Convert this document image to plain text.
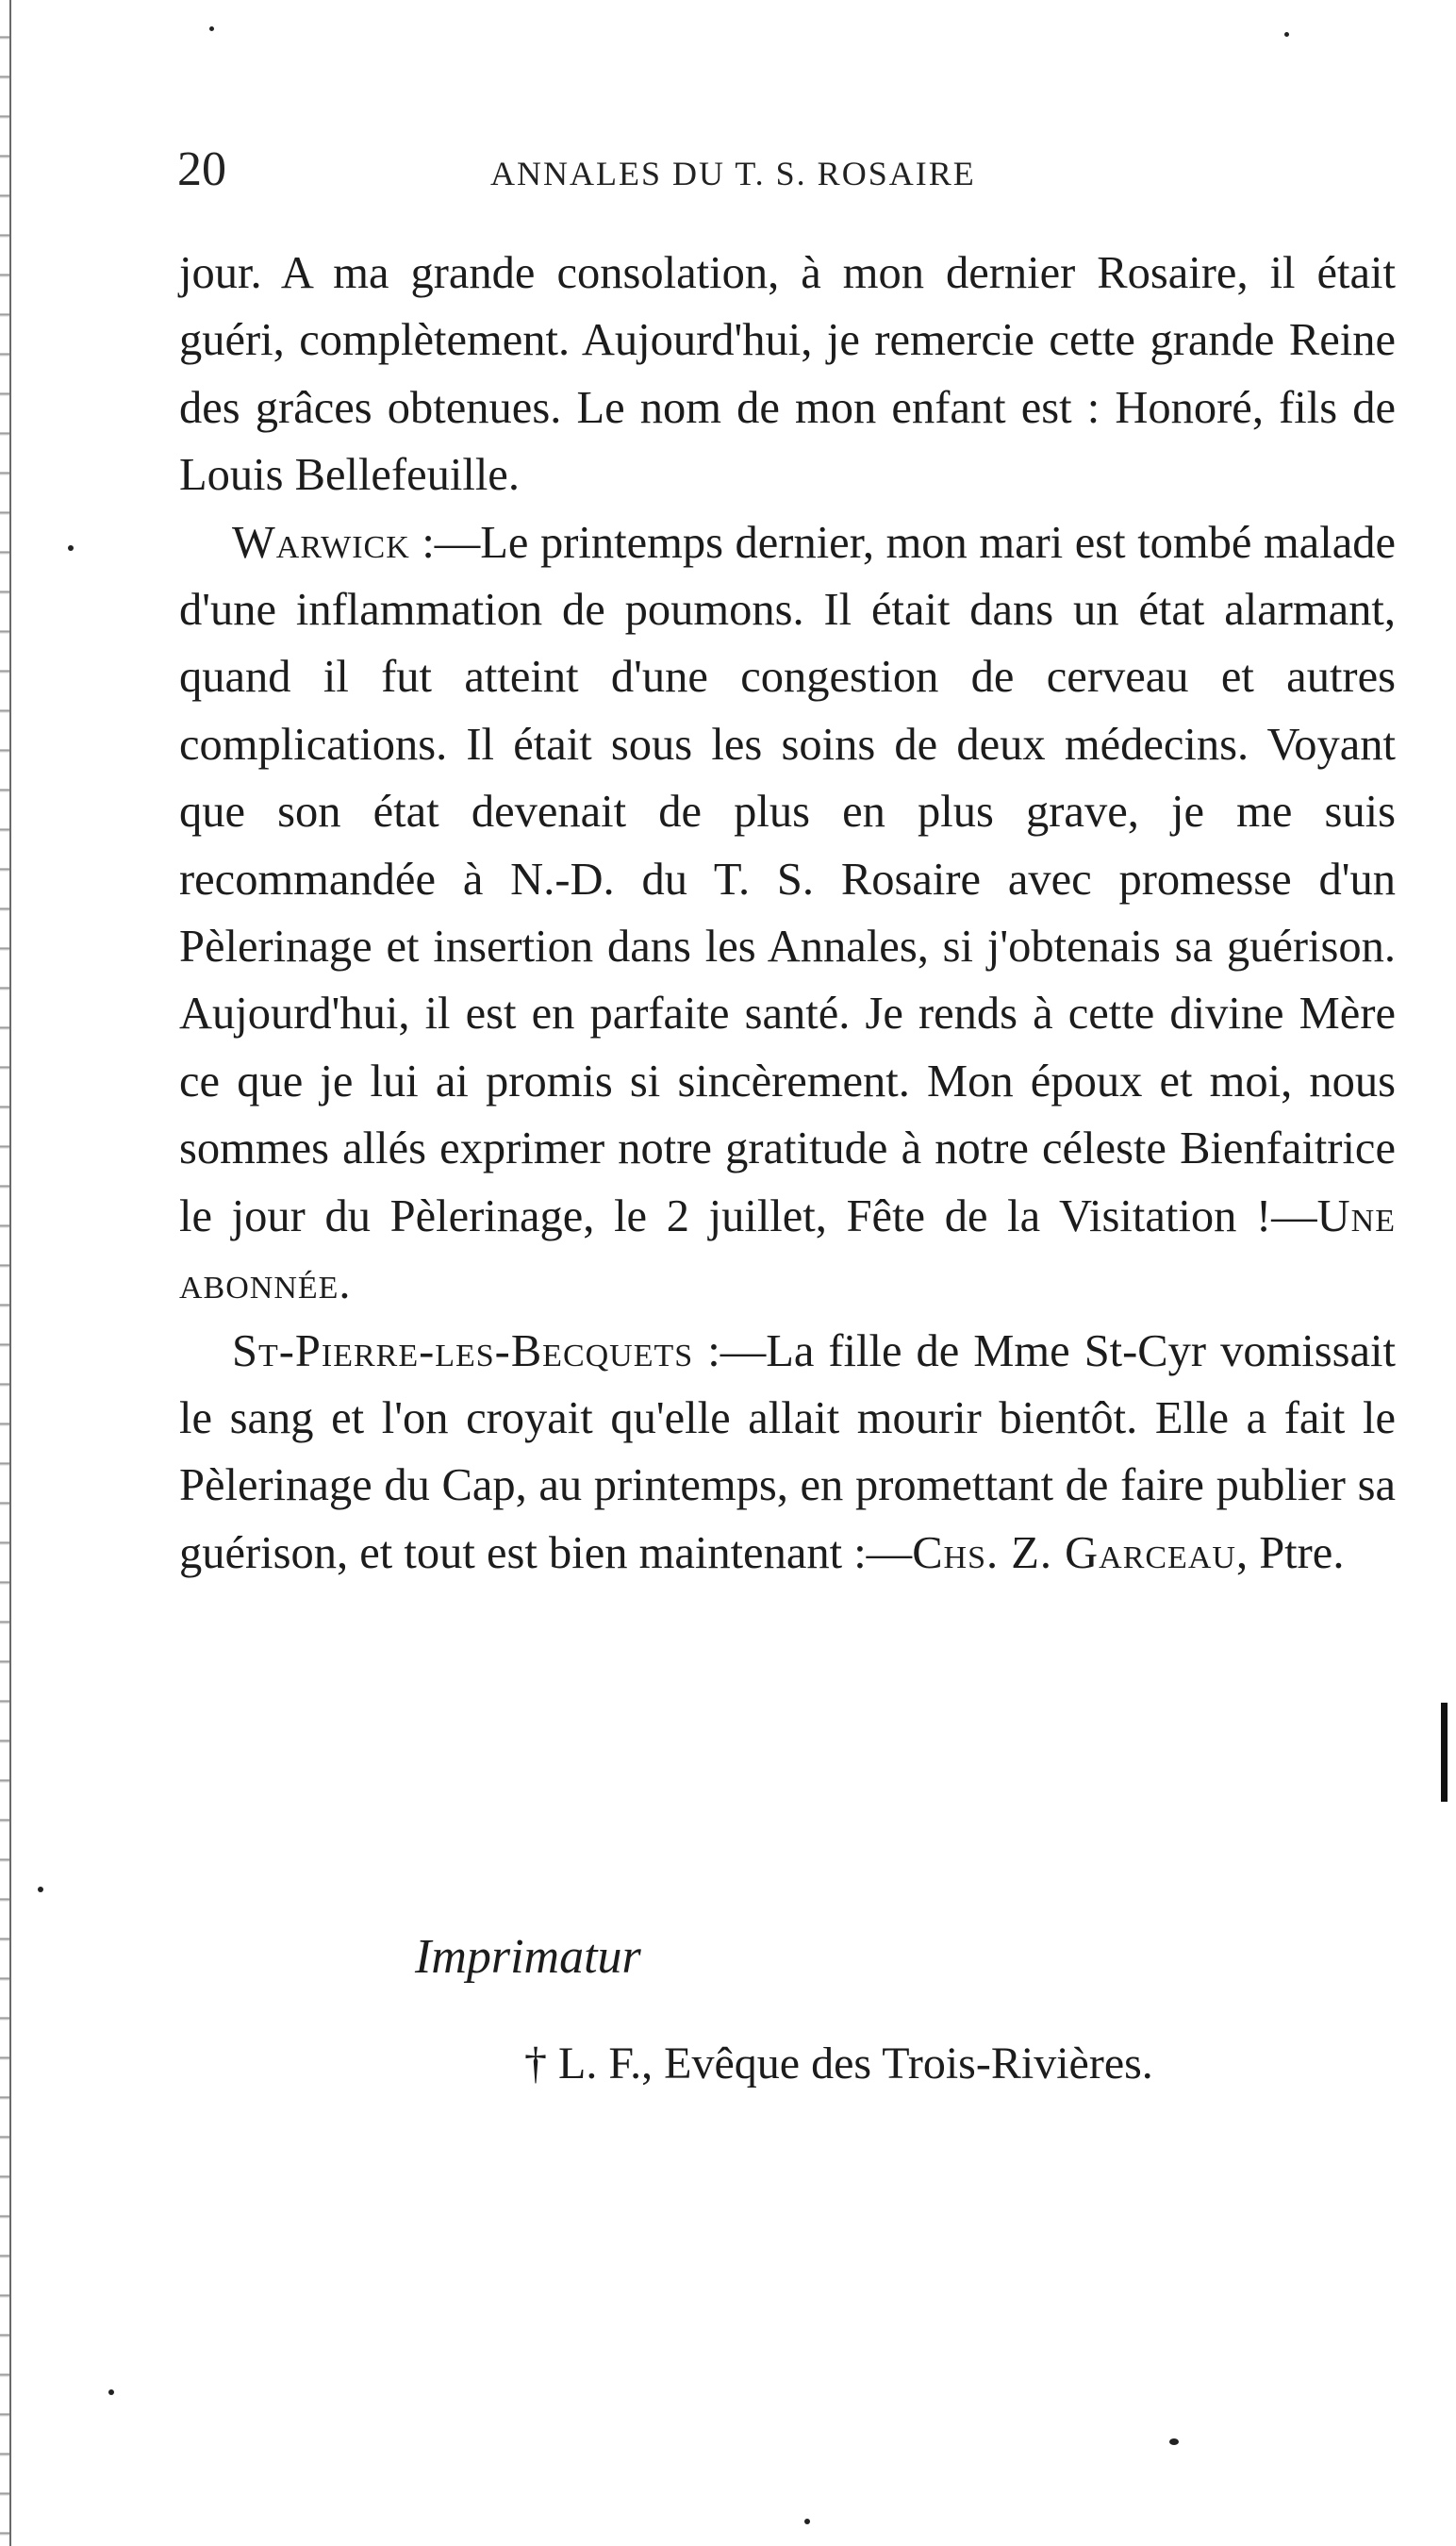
20	ANNALES DU T. S. ROSAIRE

jour. A ma grande consolation, à mon dernier Rosaire, il était guéri, complètement. Aujourd'hui, je remercie cette grande Reine des grâces obtenues. Le nom de mon enfant est : Honoré, fils de Louis Bellefeuille.

Warwick :—Le printemps dernier, mon mari est tombé malade d'une inflammation de poumons. Il était dans un état alarmant, quand il fut atteint d'une congestion de cerveau et autres complications. Il était sous les soins de deux médecins. Voyant que son état devenait de plus en plus grave, je me suis recommandée à N.-D. du T. S. Rosaire avec promesse d'un Pèlerinage et insertion dans les Annales, si j'obtenais sa guérison. Aujourd'hui, il est en parfaite santé. Je rends à cette divine Mère ce que je lui ai promis si sincèrement. Mon époux et moi, nous sommes allés exprimer notre gratitude à notre céleste Bienfaitrice le jour du Pèlerinage, le 2 juillet, Fête de la Visitation !—Une abonnée.

St-Pierre-les-Becquets :—La fille de Mme St-Cyr vomissait le sang et l'on croyait qu'elle allait mourir bientôt. Elle a fait le Pèlerinage du Cap, au printemps, en promettant de faire publier sa guérison, et tout est bien maintenant :—Chs. Z. Garceau, Ptre.

Imprimatur
† L. F., Evêque des Trois-Rivières.
